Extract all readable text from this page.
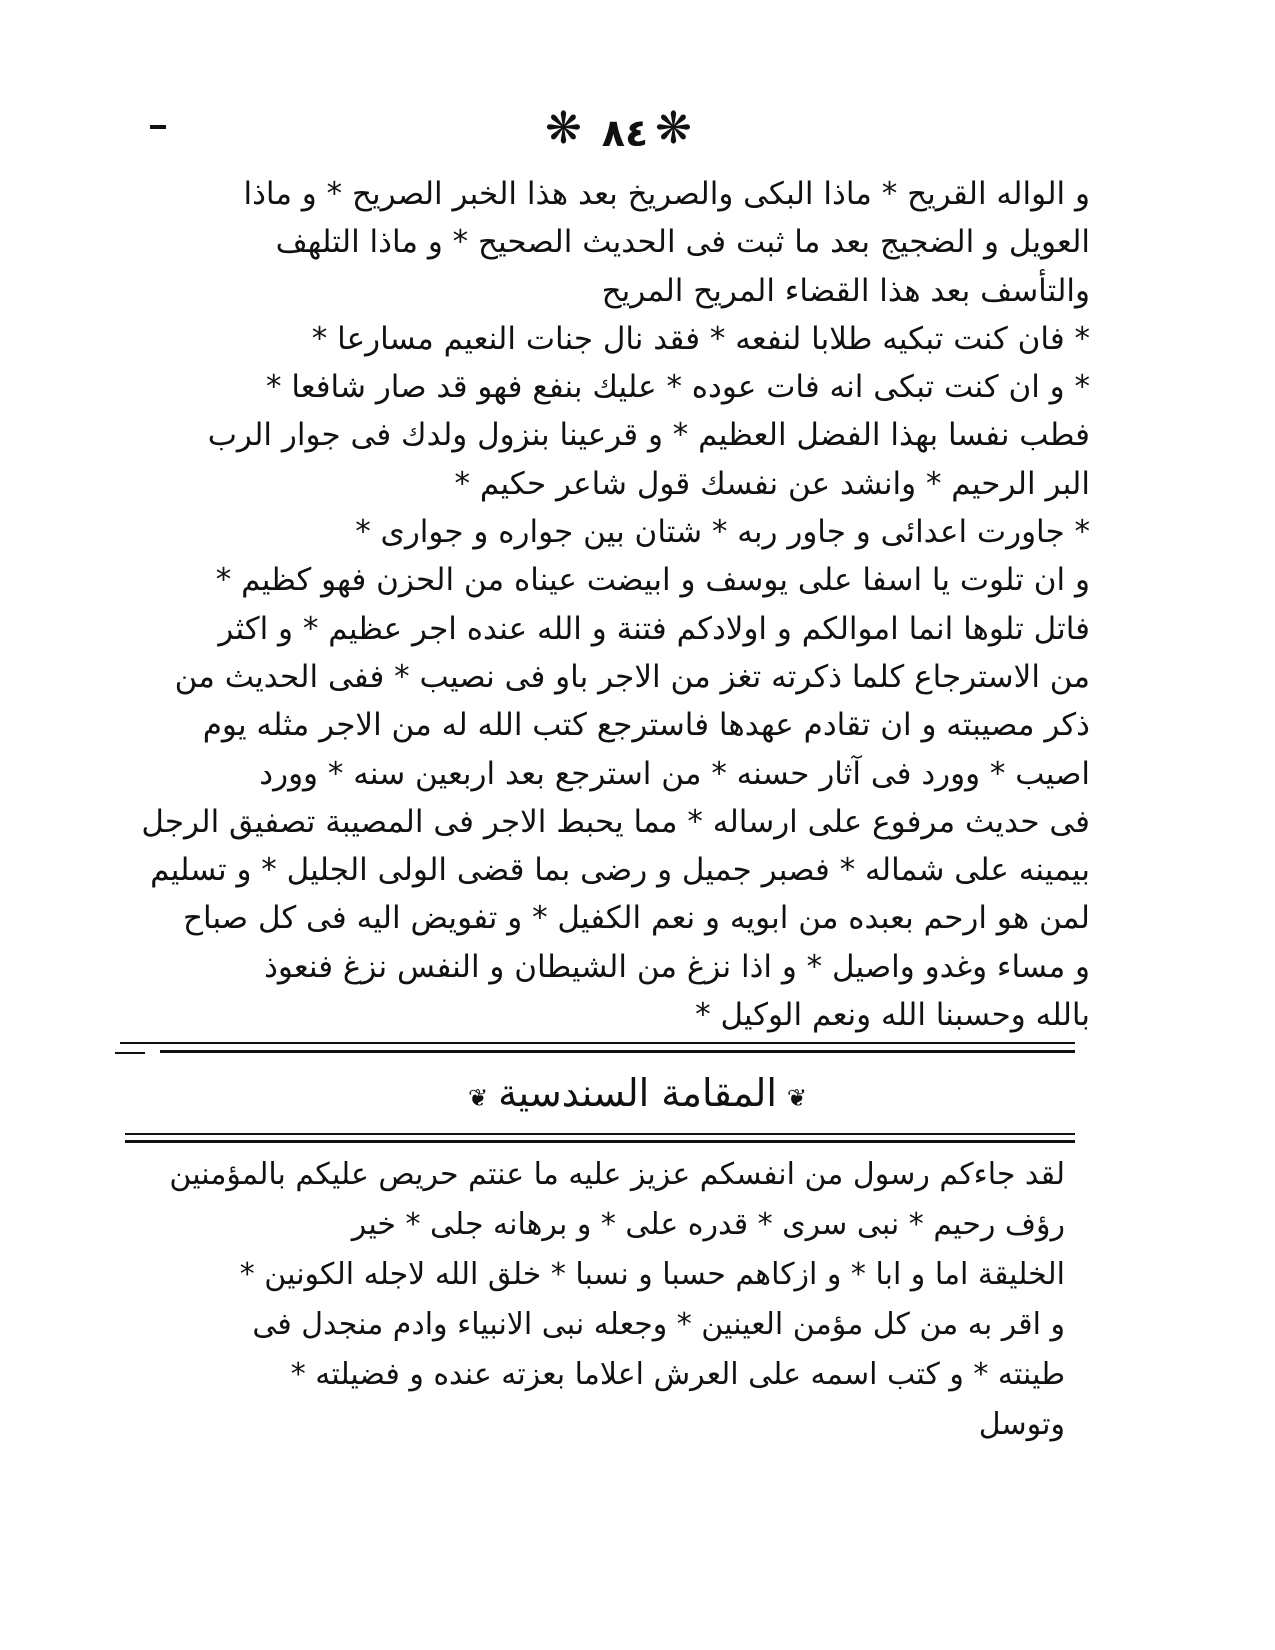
❋ ٨٤ ❋
و الواله القريح * ماذا البكى والصريخ بعد هذا الخبر الصريح * و ماذا
العويل و الضجيج بعد ما ثبت فى الحديث الصحيح * و ماذا التلهف
والتأسف بعد هذا القضاء المريح المريح
* فان كنت تبكيه طلابا لنفعه * فقد نال جنات النعيم مسارعا *
* و ان كنت تبكى انه فات عوده * عليك بنفع فهو قد صار شافعا *
فطب نفسا بهذا الفضل العظيم * و قرعينا بنزول ولدك فى جوار الرب
البر الرحيم * وانشد عن نفسك قول شاعر حكيم *
* جاورت اعدائى و جاور ربه * شتان بين جواره و جوارى *
و ان تلوت يا اسفا على يوسف و ابيضت عيناه من الحزن فهو كظيم *
فاتل تلوها انما اموالكم و اولادكم فتنة و الله عنده اجر عظيم * و اكثر
من الاسترجاع كلما ذكرته تغز من الاجر باو فى نصيب * ففى الحديث من
ذكر مصيبته و ان تقادم عهدها فاسترجع كتب الله له من الاجر مثله يوم
اصيب * وورد فى آثار حسنه * من استرجع بعد اربعين سنه * وورد
فى حديث مرفوع على ارساله * مما يحبط الاجر فى المصيبة تصفيق الرجل
بيمينه على شماله * فصبر جميل و رضى بما قضى الولى الجليل * و تسليم
لمن هو ارحم بعبده من ابويه و نعم الكفيل * و تفويض اليه فى كل صباح
و مساء وغدو واصيل * و اذا نزغ من الشيطان و النفس نزغ فنعوذ
بالله وحسبنا الله ونعم الوكيل *
❦المقامة السندسية❦
لقد جاءكم رسول من انفسكم عزيز عليه ما عنتم حريص عليكم بالمؤمنين
رؤف رحيم * نبى سرى * قدره على * و برهانه جلى * خير
الخليقة اما و ابا * و ازكاهم حسبا و نسبا * خلق الله لاجله الكونين *
و اقر به من كل مؤمن العينين * وجعله نبى الانبياء وادم منجدل فى
طينته * و كتب اسمه على العرش اعلاما بعزته عنده و فضيلته *
وتوسل
